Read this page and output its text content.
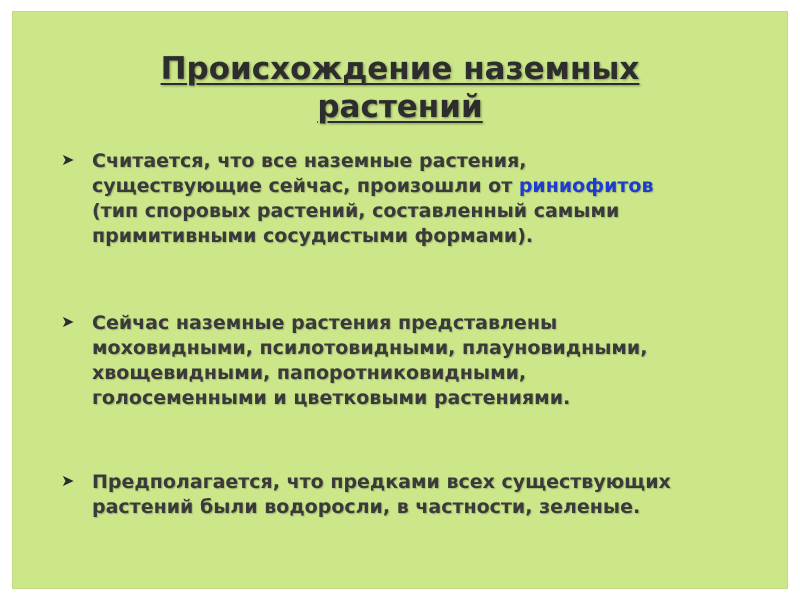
Происхождение наземных
растений
➤ Считается, что все наземные растения, существующие сейчас, произошли от риниофитов (тип споровых растений, составленный самыми примитивными сосудистыми формами).
➤ Сейчас наземные растения представлены моховидными, псилотовидными, плауновидными, хвощевидными, папоротниковидными, голосеменными и цветковыми растениями.
➤ Предполагается, что предками всех существующих растений были водоросли, в частности, зеленые.
